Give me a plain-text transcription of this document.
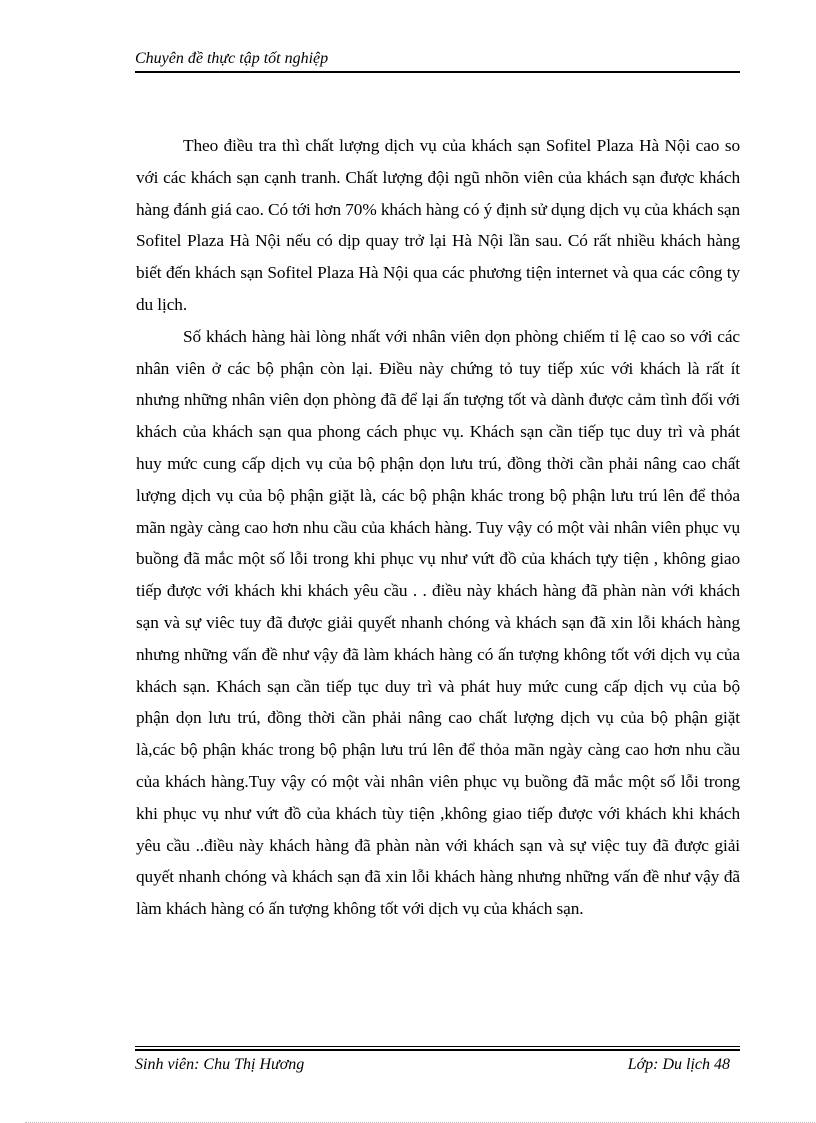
Chuyên đề thực tập tốt nghiệp

Theo điều tra thì chất lượng dịch vụ của khách sạn Sofitel Plaza Hà Nội cao so với các khách sạn cạnh tranh. Chất lượng đội ngũ nhõn viên của khách sạn được khách hàng đánh giá cao. Có tới hơn 70% khách hàng có ý định sử dụng dịch vụ của khách sạn Sofitel Plaza Hà Nội nếu có dịp quay trở lại Hà Nội lần sau. Có rất nhiều khách hàng biết đến khách sạn Sofitel Plaza Hà Nội qua các phương tiện internet và qua các công ty du lịch.

Số khách hàng hài lòng nhất với nhân viên dọn phòng chiếm tỉ lệ cao so với các nhân viên ở các bộ phận còn lại. Điều này chứng tỏ tuy tiếp xúc với khách là rất ít nhưng những nhân viên dọn phòng đã để lại ấn tượng tốt và dành được cảm tình đối với khách của khách sạn qua phong cách phục vụ. Khách sạn cần tiếp tục duy trì và phát huy mức cung cấp dịch vụ của bộ phận dọn lưu trú, đồng thời cần phải nâng cao chất lượng dịch vụ của bộ phận giặt là, các bộ phận khác trong bộ phận lưu trú lên để thỏa mãn ngày càng cao hơn nhu cầu của khách hàng. Tuy vậy có một vài nhân viên phục vụ buồng đã mắc một số lỗi trong khi phục vụ như vứt đồ của khách tựy tiện , không giao tiếp được với khách khi khách yêu cầu . . điều này khách hàng đã phàn nàn với khách sạn và sự viêc tuy đã được giải quyết nhanh chóng và khách sạn đã xin lỗi khách hàng nhưng những vấn đề như vậy đã làm khách hàng có ấn tượng không tốt với dịch vụ của khách sạn. Khách sạn cần tiếp tục duy trì và phát huy mức cung cấp dịch vụ của bộ phận dọn lưu trú, đồng thời cần phải nâng cao chất lượng dịch vụ của bộ phận giặt là,các bộ phận khác trong bộ phận lưu trú lên để thỏa mãn ngày càng cao hơn nhu cầu của khách hàng.Tuy vậy có một vài nhân viên phục vụ buồng đã mắc một số lỗi trong khi phục vụ như vứt đồ của khách tùy tiện ,không giao tiếp được với khách khi khách yêu cầu ..điều này khách hàng đã phàn nàn với khách sạn và sự việc tuy đã được giải quyết nhanh chóng và khách sạn đã xin lỗi khách hàng nhưng những vấn đề như vậy đã làm khách hàng có ấn tượng không tốt với dịch vụ của khách sạn.

Sinh viên: Chu Thị Hương	Lớp: Du lịch 48
